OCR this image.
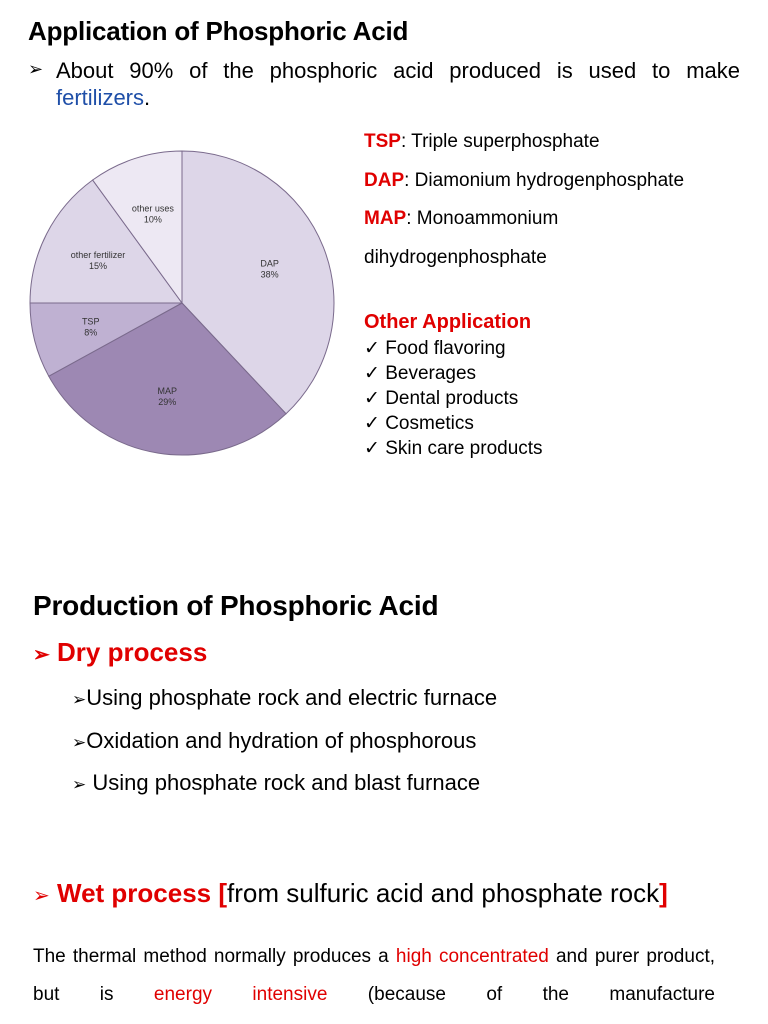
Application of Phosphoric Acid
➢ About 90% of the phosphoric acid produced is used to make fertilizers.
DAP
38%
MAP
29%
TSP
8%
other fertilizer
15%
other uses
10%
TSP: Triple superphosphate
DAP: Diamonium hydrogenphosphate
MAP: Monoammonium
dihydrogenphosphate
Other Application
✓ Food flavoring
✓ Beverages
✓ Dental products
✓ Cosmetics
✓ Skin care products
Production of Phosphoric Acid
➢ Dry process
➢Using phosphate rock and electric furnace
➢Oxidation and hydration of phosphorous
➢ Using phosphate rock and blast furnace
➢ Wet process [from sulfuric acid and phosphate rock]
The thermal method normally produces a high concentrated and purer product, but is energy intensive (because of the manufacture
